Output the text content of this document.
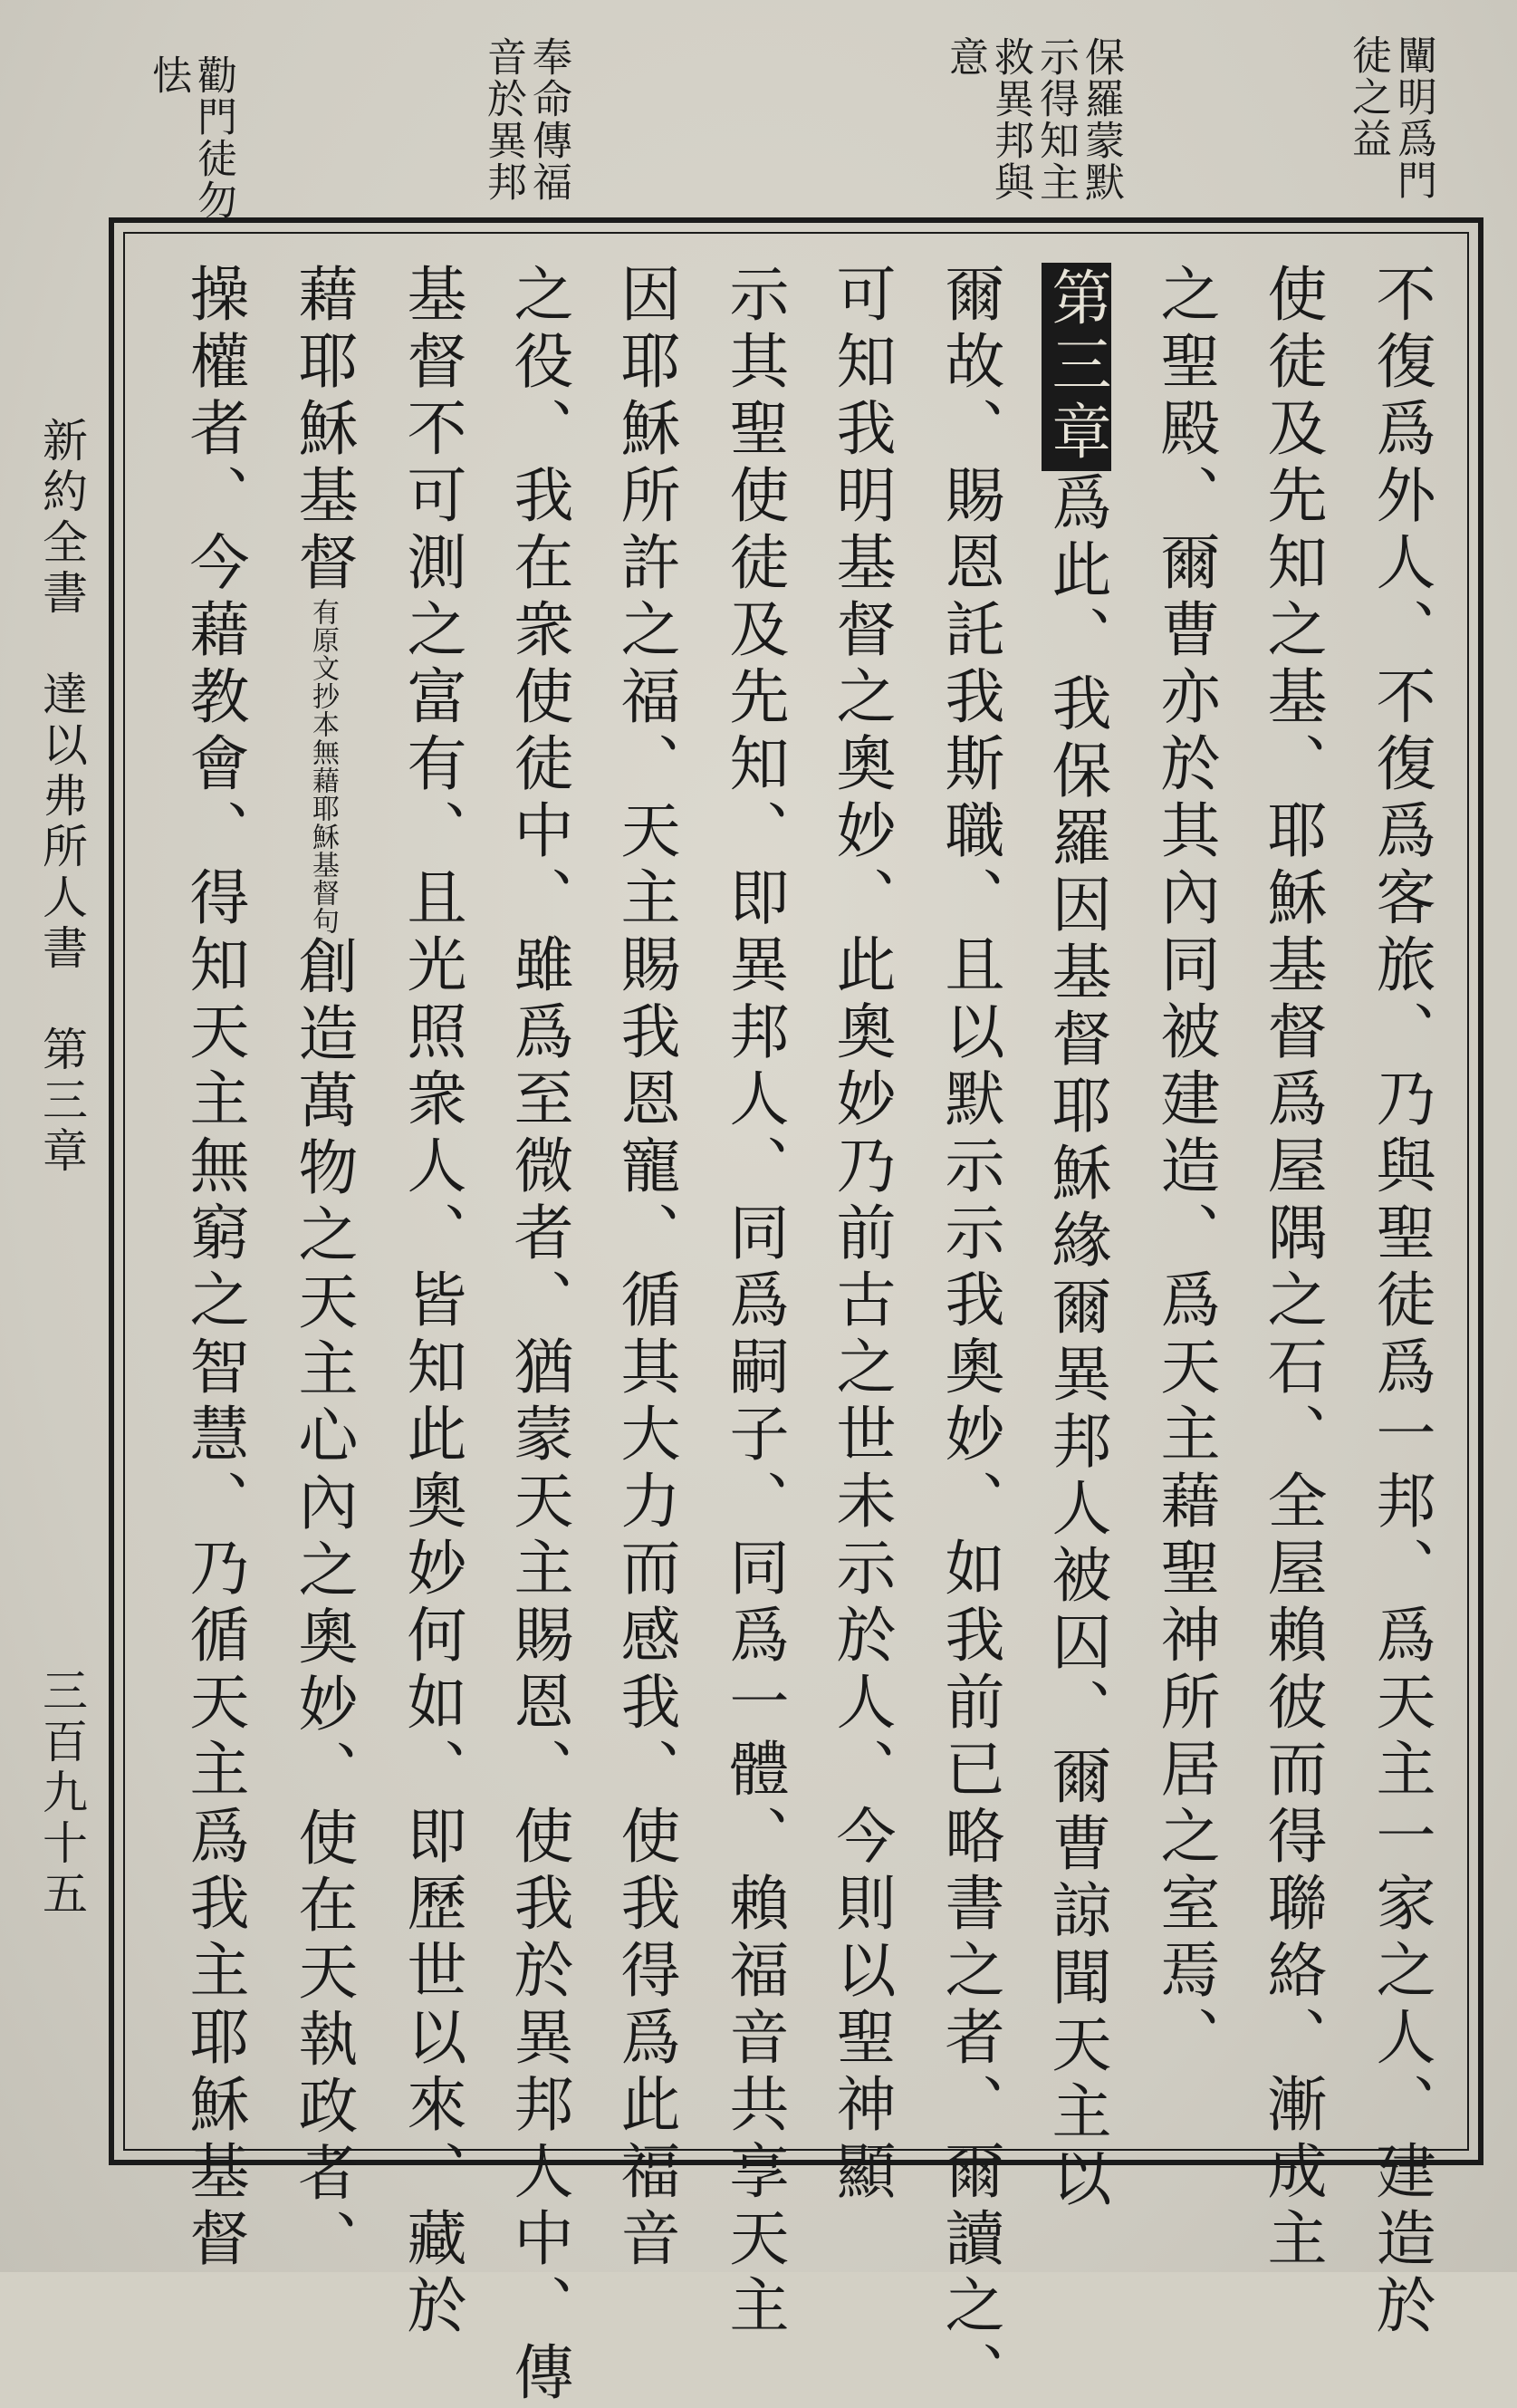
闡明爲門
徒之益
保羅蒙默
示得知主
救異邦與
意
奉命傳福
音於異邦
勸門徒勿
怯
不復爲外人、不復爲客旅、乃與聖徒爲一邦、爲天主一家之人、建造於
使徒及先知之基、耶穌基督爲屋隅之石、全屋賴彼而得聯絡、漸成主
之聖殿、爾曹亦於其內同被建造、爲天主藉聖神所居之室焉、
第三章爲此、我保羅因基督耶穌緣爾異邦人被囚、爾曹諒聞天主以
爾故、賜恩託我斯職、且以默示示我奧妙、如我前已略書之者、爾讀之、
可知我明基督之奧妙、此奧妙乃前古之世未示於人、今則以聖神顯
示其聖使徒及先知、即異邦人、同爲嗣子、同爲一體、賴福音共享天主
因耶穌所許之福、天主賜我恩寵、循其大力而感我、使我得爲此福音
之役、我在衆使徒中、雖爲至微者、猶蒙天主賜恩、使我於異邦人中、傳
基督不可測之富有、且光照衆人、皆知此奧妙何如、即歷世以來、藏於
藉耶穌基督有原文抄本無藉耶穌基督句創造萬物之天主心內之奧妙、使在天執政者、
操權者、今藉教會、得知天主無窮之智慧、乃循天主爲我主耶穌基督
新約全書　達以弗所人書　第三章
三百九十五
